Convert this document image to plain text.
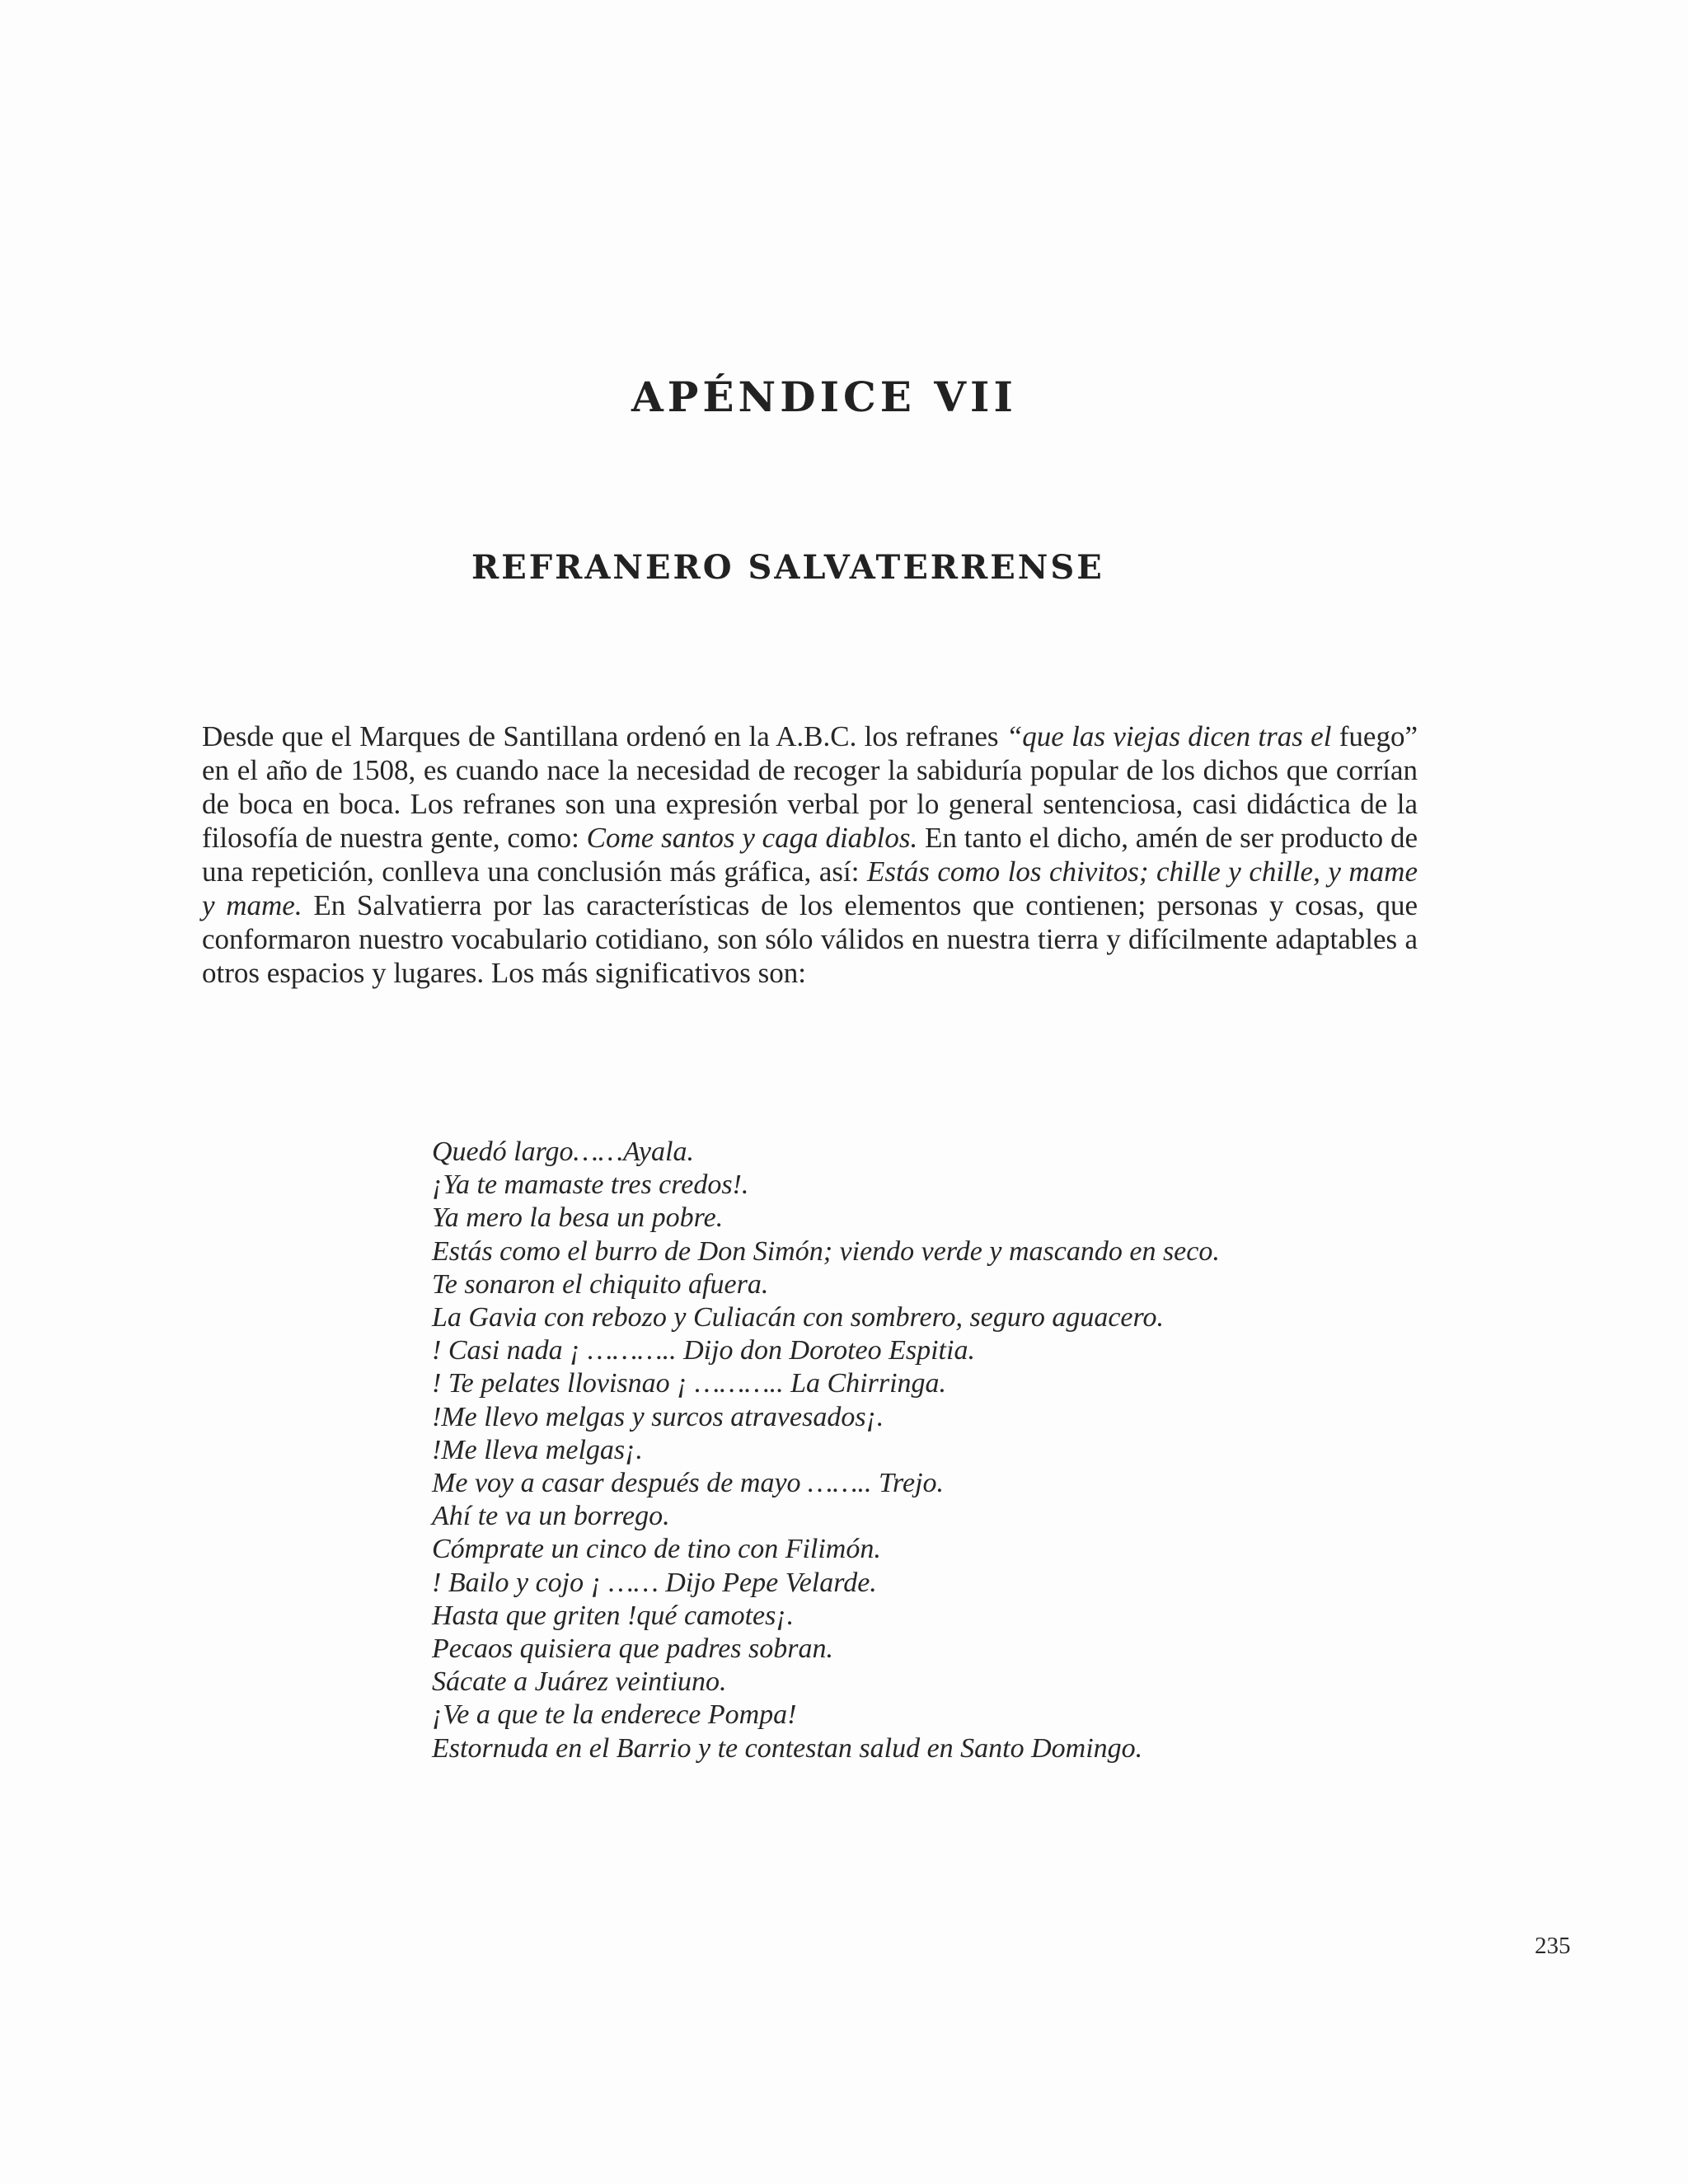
APÉNDICE VII
REFRANERO SALVATERRENSE

Desde que el Marques de Santillana ordenó en la A.B.C. los refranes “que las viejas dicen tras el fuego” en el año de 1508, es cuando nace la necesidad de recoger la sabiduría popular de los dichos que corrían de boca en boca. Los refranes son una expresión verbal por lo general sentenciosa, casi didáctica de la filosofía de nuestra gente, como: Come santos y caga diablos. En tanto el dicho, amén de ser producto de una repetición, conlleva una conclusión más gráfica, así: Estás como los chivitos; chille y chille, y mame y mame. En Salvatierra por las características de los elementos que contienen; personas y cosas, que conformaron nuestro vocabulario cotidiano, son sólo válidos en nuestra tierra y difícilmente adaptables a otros espacios y lugares. Los más significativos son:

Quedó largo……Ayala.
¡Ya te mamaste tres credos!.
Ya mero la besa un pobre.
Estás como el burro de Don Simón; viendo verde y mascando en seco.
Te sonaron el chiquito afuera.
La Gavia con rebozo y Culiacán con sombrero, seguro aguacero.
! Casi nada ¡ ……….. Dijo don Doroteo Espitia.
! Te pelates llovisnao ¡ ……….. La Chirringa.
!Me llevo melgas y surcos atravesados¡.
!Me lleva melgas¡.
Me voy a casar después de mayo …….. Trejo.
Ahí te va un borrego.
Cómprate un cinco de tino con Filimón.
! Bailo y cojo ¡ …… Dijo Pepe Velarde.
Hasta que griten !qué camotes¡.
Pecaos quisiera que padres sobran.
Sácate a Juárez veintiuno.
¡Ve a que te la enderece Pompa!
Estornuda en el Barrio y te contestan salud en Santo Domingo.
235
